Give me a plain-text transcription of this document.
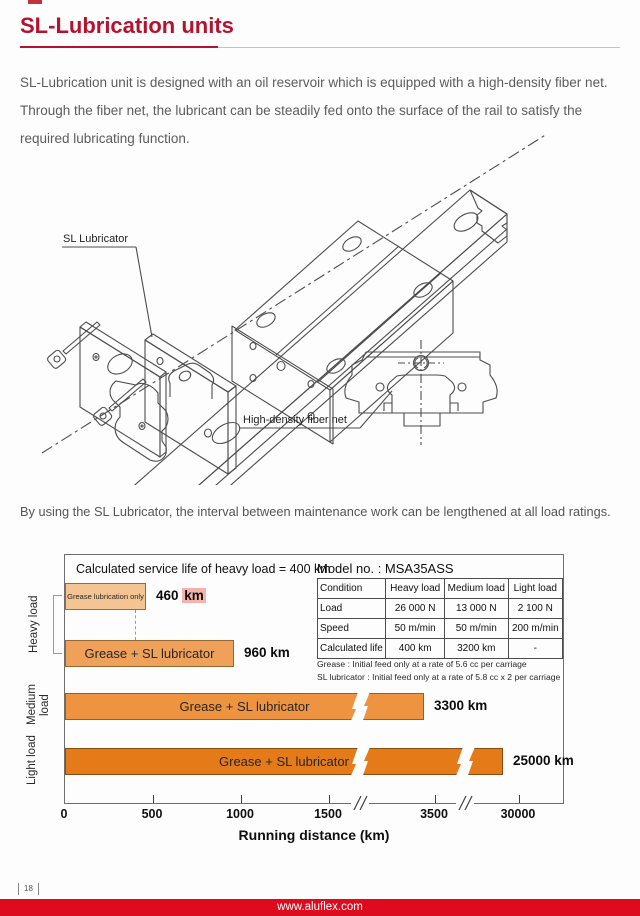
SL-Lubrication units

SL-Lubrication unit is designed with an oil reservoir which is equipped with a high-density fiber net. Through the fiber net, the lubricant can be steadily fed onto the surface of the rail to satisfy the required lubricating function.

SL Lubricator
High-density fiber net

By using the SL Lubricator, the interval between maintenance work can be lengthened at all load ratings.

Heavy load
Medium load
Light load
Calculated service life of heavy load = 400 km
Model no. : MSA35ASS
Condition	Heavy load	Medium load	Light load
Load	26 000 N	13 000 N	2 100 N
Speed	50 m/min	50 m/min	200 m/min
Calculated life	400 km	3200 km	-
Grease : Initial feed only at a rate of 5.6 cc per carriage
SL lubricator : Initial feed only at a rate of 5.8 cc x 2 per carriage
Grease lubrication only 460 km
Grease + SL lubricator 960 km
Grease + SL lubricator	3300 km
Grease + SL lubricator	25000 km
Running distance (km)
0	500	1000	1500	3500	30000
18
www.aluflex.com
